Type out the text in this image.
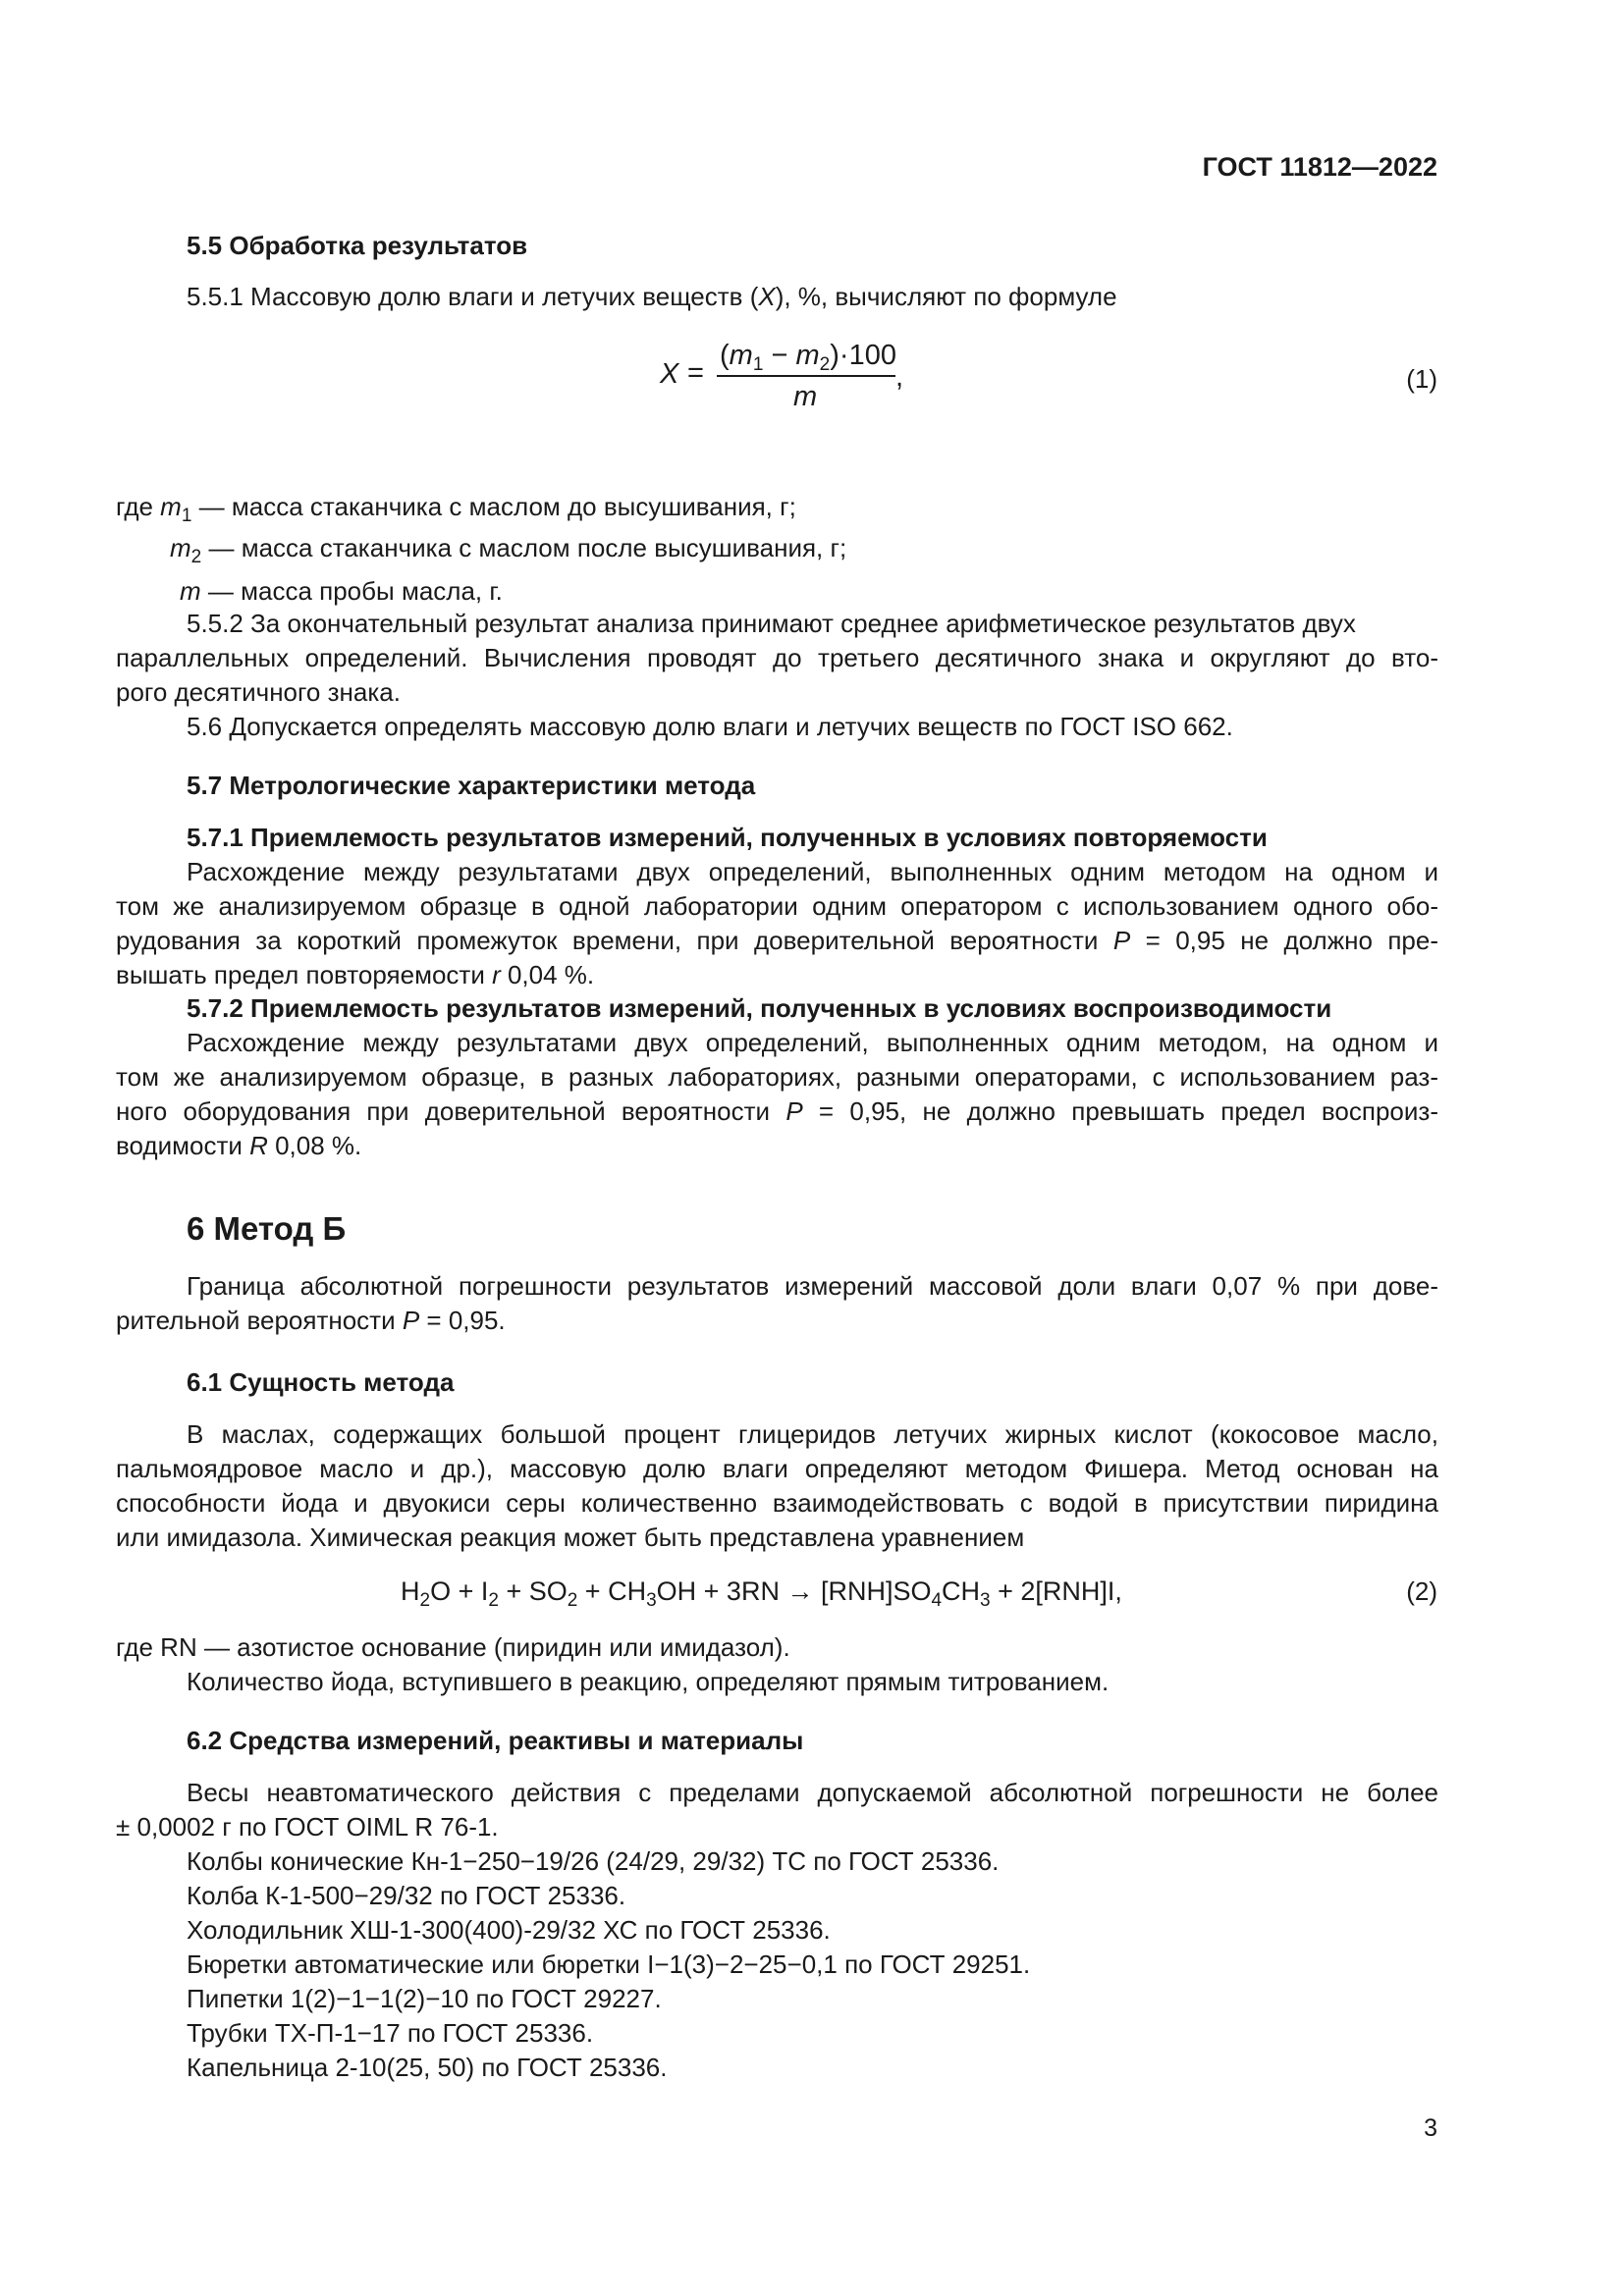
ГОСТ 11812—2022
5.5 Обработка результатов
5.5.1 Массовую долю влаги и летучих веществ (X), %, вычисляют по формуле
X =
$(m_1 - m_2)\cdot 100$
m
,	(1)
где $m_1$ — масса стаканчика с маслом до высушивания, г;
$m_2$ — масса стаканчика с маслом после высушивания, г;
m — масса пробы масла, г.
5.5.2 За окончательный результат анализа принимают среднее арифметическое результатов двух
параллельных определений. Вычисления проводят до третьего десятичного знака и округляют до вто-
рого десятичного знака.
5.6 Допускается определять массовую долю влаги и летучих веществ по ГОСТ ISO 662.
5.7 Метрологические характеристики метода
5.7.1 Приемлемость результатов измерений, полученных в условиях повторяемости
Расхождение между результатами двух определений, выполненных одним методом на одном и
том же анализируемом образце в одной лаборатории одним оператором с использованием одного обо-
рудования за короткий промежуток времени, при доверительной вероятности P = 0,95 не должно пре-
вышать предел повторяемости r 0,04 %.
5.7.2 Приемлемость результатов измерений, полученных в условиях воспроизводимости
Расхождение между результатами двух определений, выполненных одним методом, на одном и
том же анализируемом образце, в разных лабораториях, разными операторами, с использованием раз-
ного оборудования при доверительной вероятности P = 0,95, не должно превышать предел воспроиз-
водимости R 0,08 %.
6 Метод Б
Граница абсолютной погрешности результатов измерений массовой доли влаги 0,07 % при дове-
рительной вероятности P = 0,95.
6.1 Сущность метода
В маслах, содержащих большой процент глицеридов летучих жирных кислот (кокосовое масло,
пальмоядровое масло и др.), массовую долю влаги определяют методом Фишера. Метод основан на
способности йода и двуокиси серы количественно взаимодействовать с водой в присутствии пиридина
или имидазола. Химическая реакция может быть представлена уравнением
$H_2O + I_2 + SO_2 + CH_3OH + 3RN \to [RNH]SO_4CH_3 + 2[RNH]I$,	(2)
где RN — азотистое основание (пиридин или имидазол).
Количество йода, вступившего в реакцию, определяют прямым титрованием.
6.2 Средства измерений, реактивы и материалы
Весы неавтоматического действия с пределами допускаемой абсолютной погрешности не более
± 0,0002 г по ГОСТ OIML R 76-1.
Колбы конические Кн-1−250−19/26 (24/29, 29/32) ТС по ГОСТ 25336.
Колба К-1-500−29/32 по ГОСТ 25336.
Холодильник ХШ-1-300(400)-29/32 ХС по ГОСТ 25336.
Бюретки автоматические или бюретки I−1(3)−2−25−0,1 по ГОСТ 29251.
Пипетки 1(2)−1−1(2)−10 по ГОСТ 29227.
Трубки ТХ-П-1−17 по ГОСТ 25336.
Капельница 2-10(25, 50) по ГОСТ 25336.
3
